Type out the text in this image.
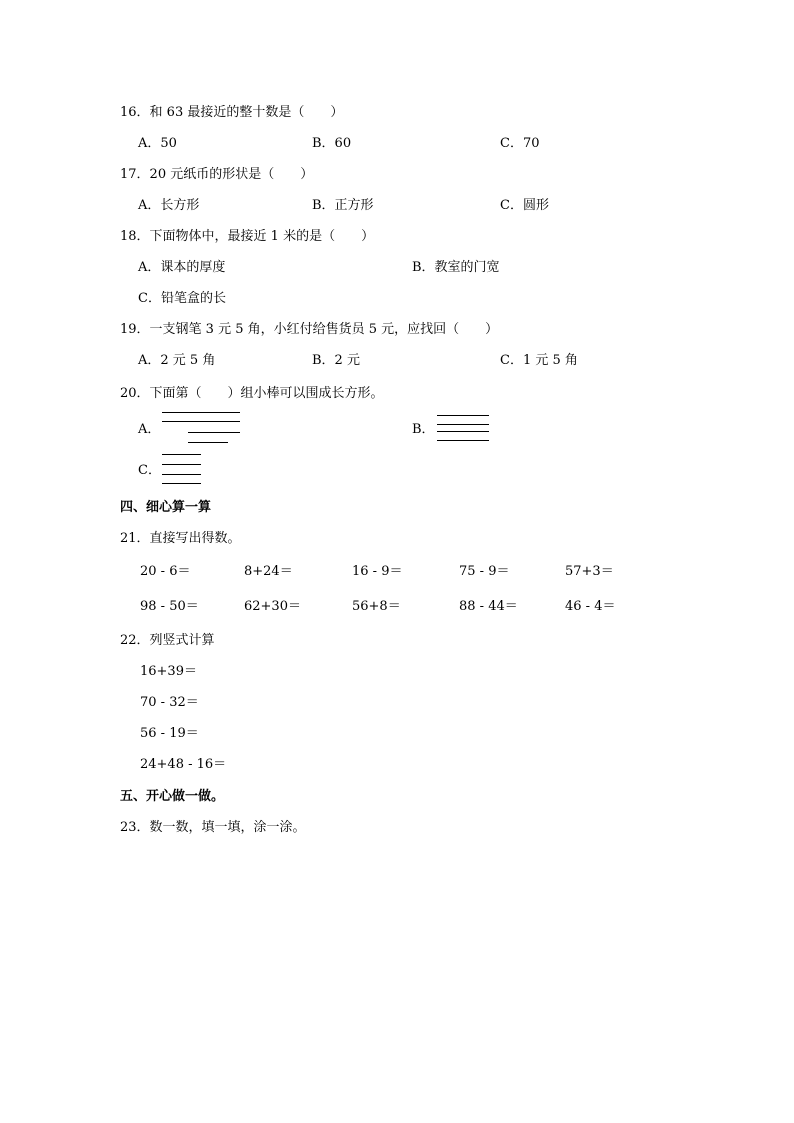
16．和 63 最接近的整十数是（　　）
A．50	B．60	C．70
17．20 元纸币的形状是（　　）
A．长方形	B．正方形	C．圆形
18．下面物体中，最接近 1 米的是（　　）
A．课本的厚度	B．教室的门宽
C．铅笔盒的长
19．一支钢笔 3 元 5 角，小红付给售货员 5 元，应找回（　　）
A．2 元 5 角	B．2 元	C．1 元 5 角
20．下面第（　　）组小棒可以围成长方形。
A．	B．
C．
四、细心算一算
21．直接写出得数。
20 - 6＝	8+24＝	16 - 9＝	75 - 9＝	57+3＝
98 - 50＝	62+30＝	56+8＝	88 - 44＝	46 - 4＝
22．列竖式计算
16+39＝
70 - 32＝
56 - 19＝
24+48 - 16＝
五、开心做一做。
23．数一数，填一填，涂一涂。
